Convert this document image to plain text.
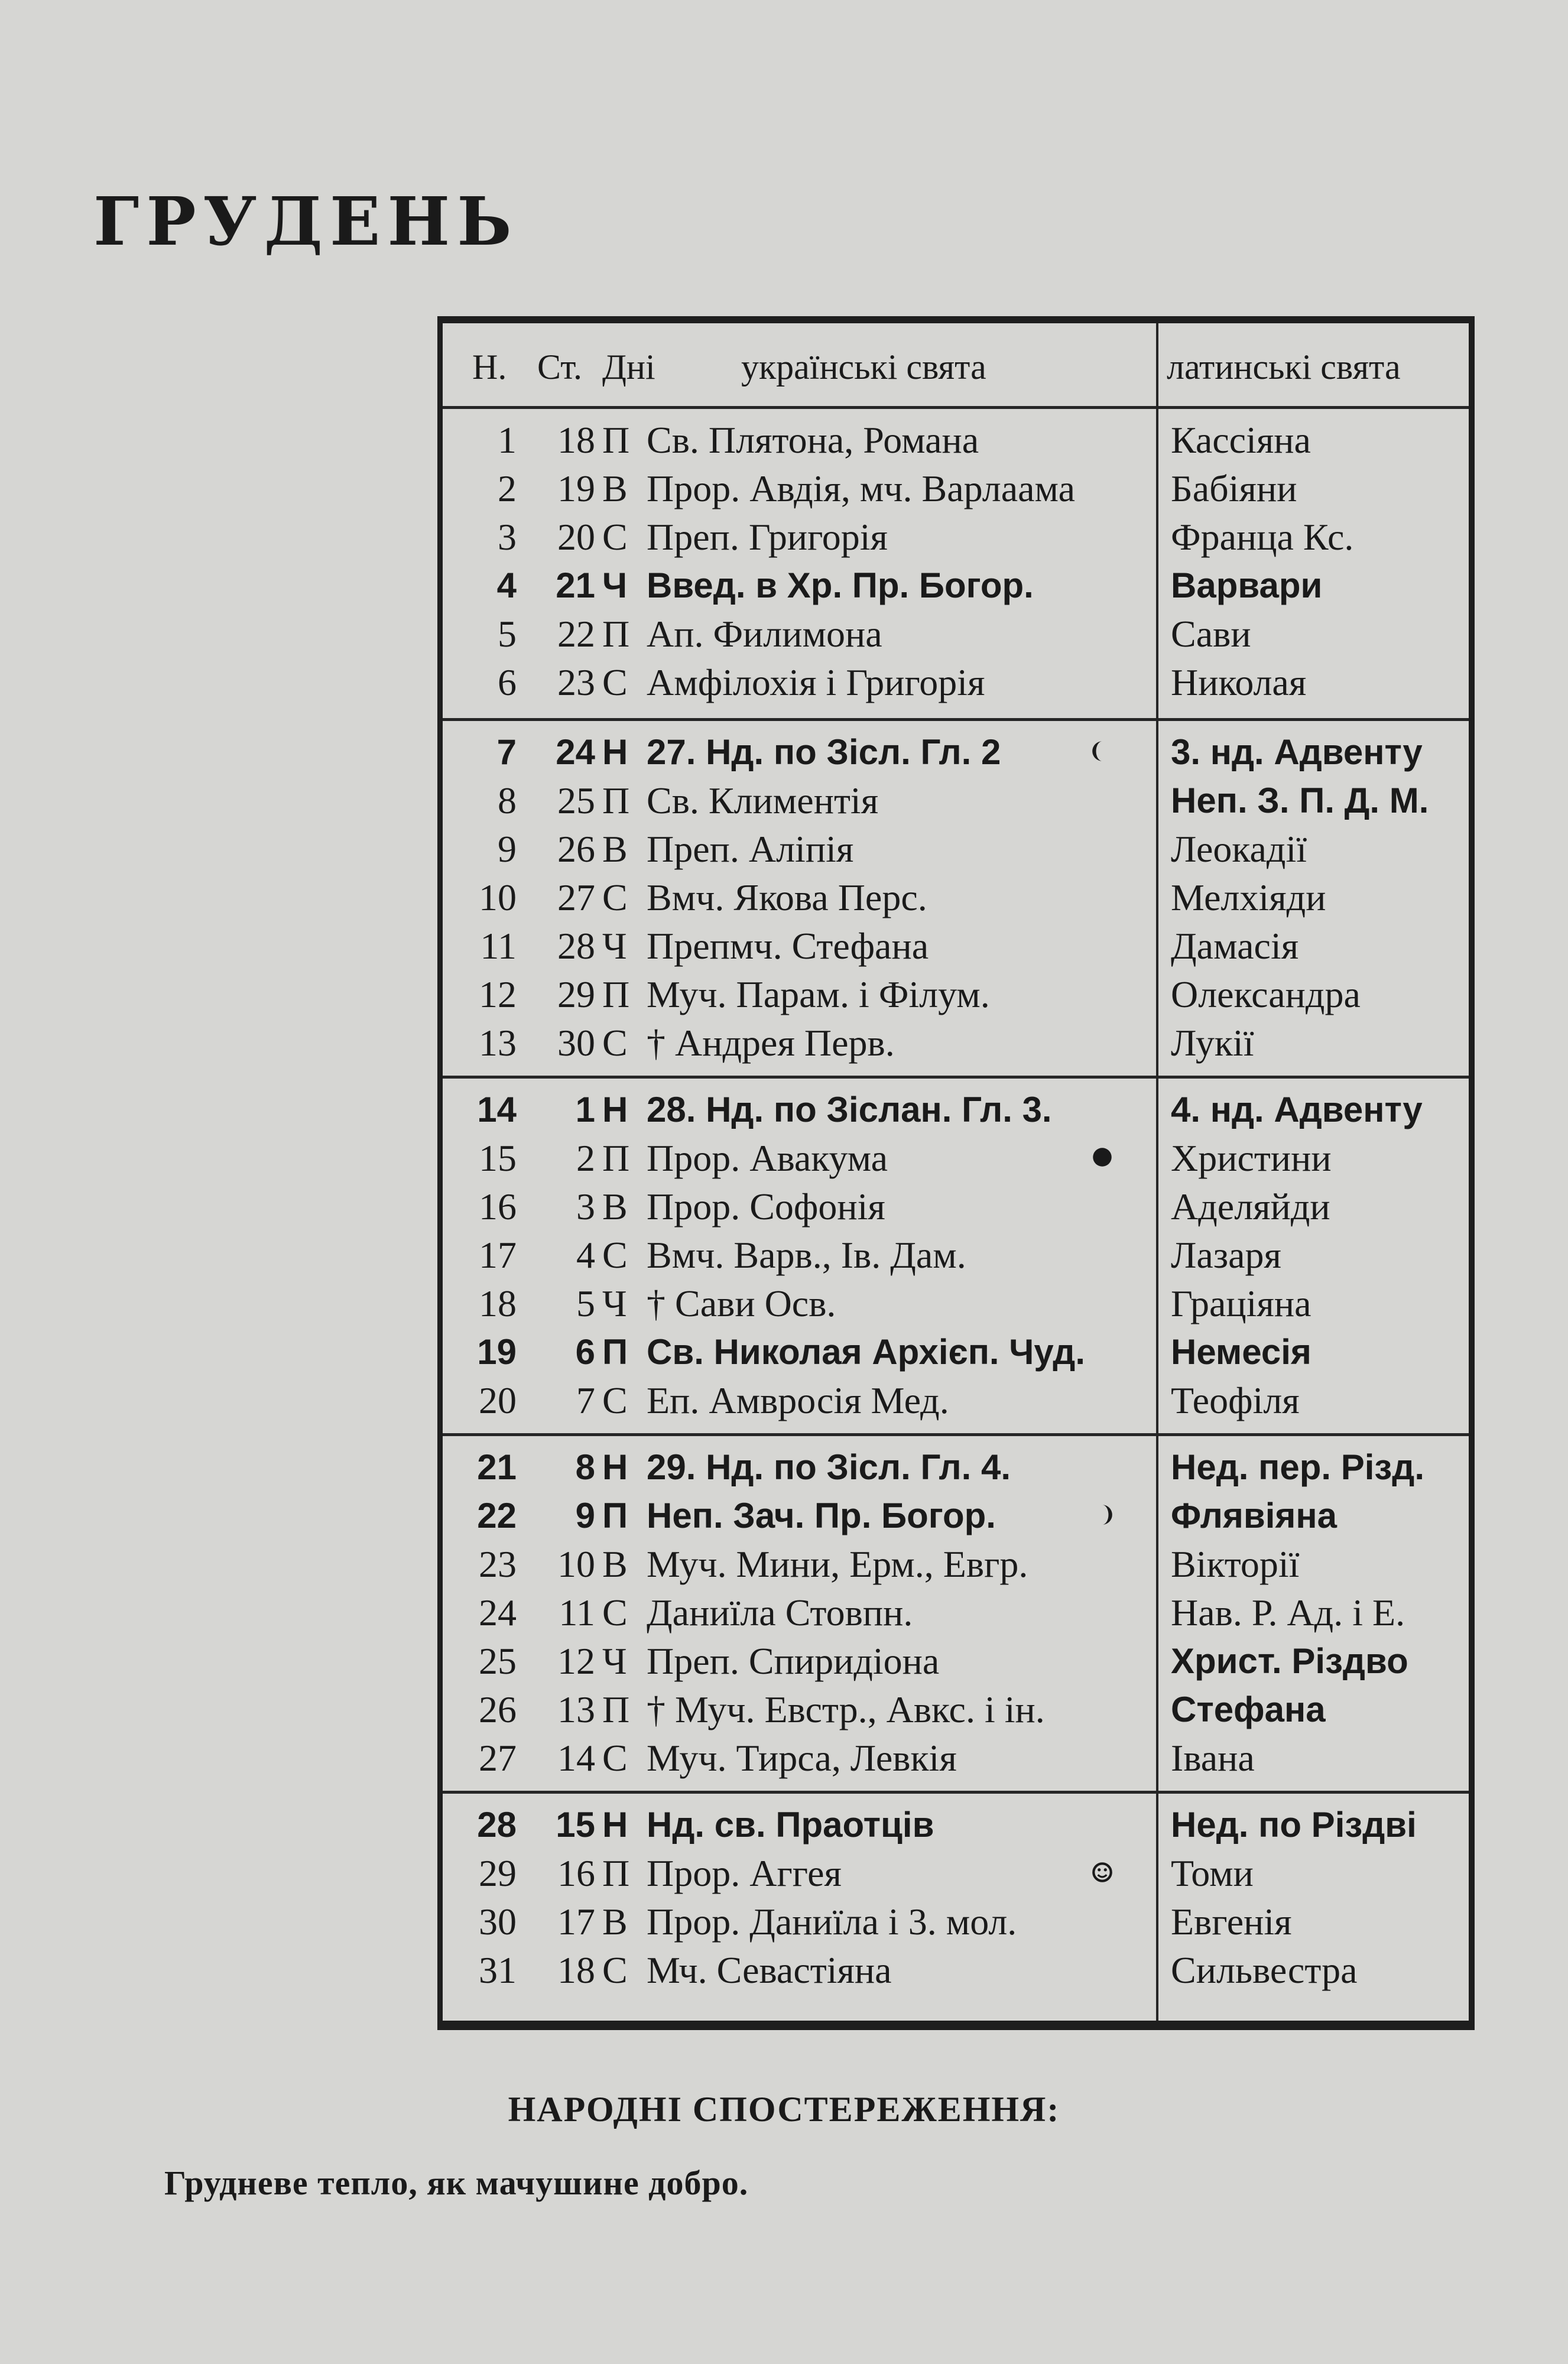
ГРУДЕНЬ
Н. Ст. Дні українські свята	латинські свята
1	18 П Св. Плятона, Романа	Кассіяна
2	19 В Прор. Авдія, мч. Варлаама	Бабіяни
3	20 С Преп. Григорія	Франца Кс.
4	21 Ч Введ. в Хр. Пр. Богор.	Варвари
5	22 П Ап. Филимона	Сави
6	23 С Амфілохія і Григорія	Николая
7	24 Н 27. Нд. по Зісл. Гл. 2	3. нд. Адвенту
8	25 П Св. Климентія	Неп. З. П. Д. М.
9	26 В Преп. Аліпія	Леокадії
10	27 С Вмч. Якова Перс.	Мелхіяди
11	28 Ч Препмч. Стефана	Дамасія
12	29 П Муч. Парам. і Філум.	Олександра
13	30 С † Андрея Перв.	Лукії
14	1 Н 28. Нд. по Зіслан. Гл. 3.	4. нд. Адвенту
15	2 П Прор. Авакума	Христини
16	3 В Прор. Софонія	Аделяйди
17	4 С Вмч. Варв., Ів. Дам.	Лазаря
18	5 Ч † Сави Осв.	Граціяна
19	6 П Св. Николая Архієп. Чуд.	Немесія
20	7 С Еп. Амвросія Мед.	Теофіля
21	8 Н 29. Нд. по Зісл. Гл. 4.	Нед. пер. Різд.
22	9 П Неп. Зач. Пр. Богор.	Флявіяна
23	10 В Муч. Мини, Ерм., Евгр.	Вікторії
24	11 С Даниїла Стовпн.	Нав. Р. Ад. і Е.
25	12 Ч Преп. Спиридіона	Христ. Різдво
26	13 П † Муч. Евстр., Авкс. і ін.	Стефана
27	14 С Муч. Тирса, Левкія	Івана
28	15 Н Нд. св. Праотців	Нед. по Різдві
29	16 П Прор. Аггея	Томи
30	17 В Прор. Даниїла і 3. мол.	Евгенія
31	18 С Мч. Севастіяна	Сильвестра
НАРОДНІ СПОСТЕРЕЖЕННЯ:
Грудневе тепло, як мачушине добро.
